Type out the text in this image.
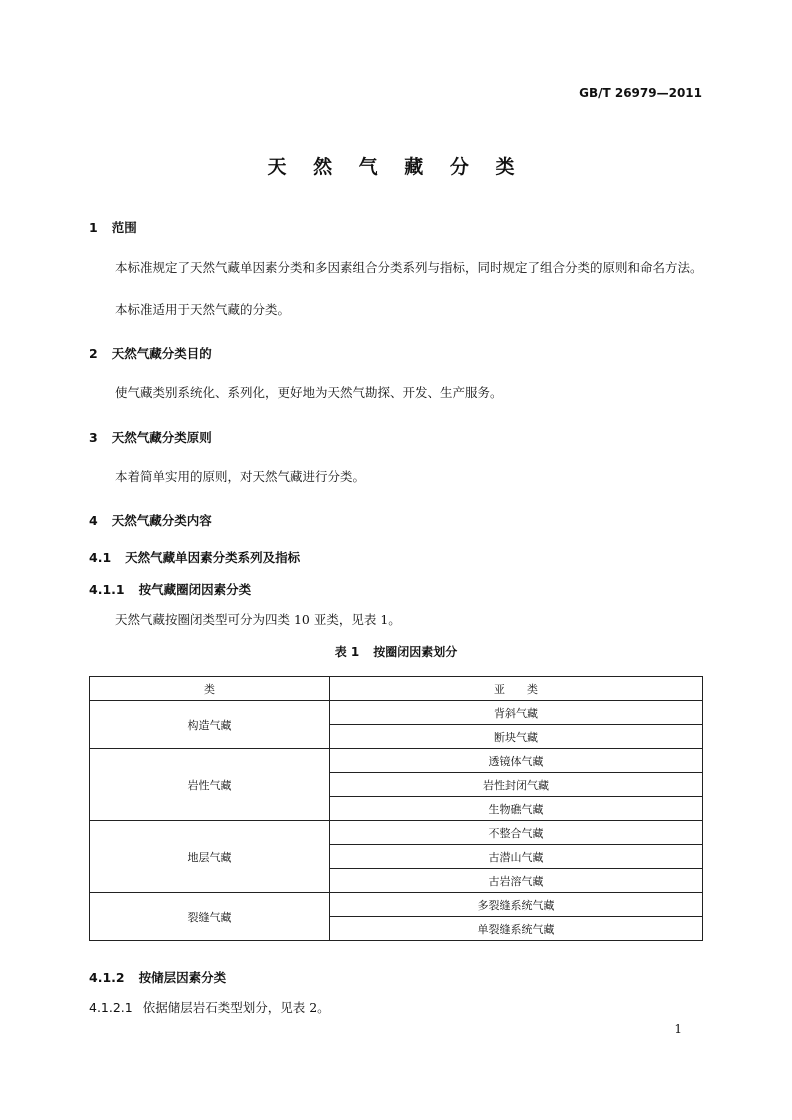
GB/T 26979—2011
天 然 气 藏 分 类
1 范围
本标准规定了天然气藏单因素分类和多因素组合分类系列与指标，同时规定了组合分类的原则和命名方法。
本标准适用于天然气藏的分类。
2 天然气藏分类目的
使气藏类别系统化、系列化，更好地为天然气勘探、开发、生产服务。
3 天然气藏分类原则
本着简单实用的原则，对天然气藏进行分类。
4 天然气藏分类内容
4.1 天然气藏单因素分类系列及指标
4.1.1 按气藏圈闭因素分类
天然气藏按圈闭类型可分为四类 10 亚类，见表 1。
表 1 按圈闭因素划分
类	亚　　类
构造气藏	背斜气藏
	断块气藏
岩性气藏	透镜体气藏
	岩性封闭气藏
	生物礁气藏
地层气藏	不整合气藏
	古潜山气藏
	古岩溶气藏
裂缝气藏	多裂缝系统气藏
	单裂缝系统气藏
4.1.2 按储层因素分类
4.1.2.1 依据储层岩石类型划分，见表 2。
1
